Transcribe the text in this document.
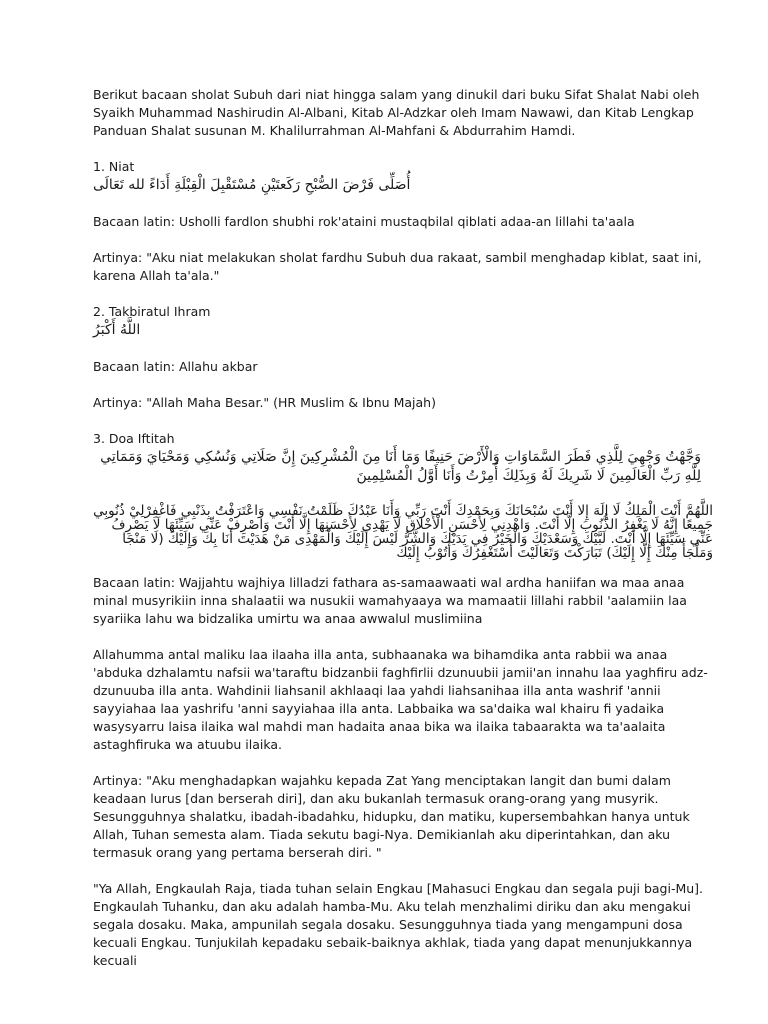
Berikut bacaan sholat Subuh dari niat hingga salam yang dinukil dari buku Sifat Shalat Nabi oleh Syaikh Muhammad Nashirudin Al-Albani, Kitab Al-Adzkar oleh Imam Nawawi, dan Kitab Lengkap Panduan Shalat susunan M. Khalilurrahman Al-Mahfani & Abdurrahim Hamdi.

1. Niat

أُصَلِّى فَرْضَ الصُّبْحِ رَكَعتَيْنِ مُسْتَقْبِلَ الْقِبْلَةِ أَدَاءً لله تَعَالَى

Bacaan latin: Usholli fardlon shubhi rok'ataini mustaqbilal qiblati adaa-an lillahi ta'aala

Artinya: "Aku niat melakukan sholat fardhu Subuh dua rakaat, sambil menghadap kiblat, saat ini, karena Allah ta'ala."

2. Takbiratul Ihram

اللَّهُ أَكْبَرُ

Bacaan latin: Allahu akbar

Artinya: "Allah Maha Besar." (HR Muslim & Ibnu Majah)

3. Doa Iftitah

وَجَّهْتُ وَجْهِيَ لِلَّذِي فَطَرَ السَّمَاوَاتِ وَالْأَرْضَ حَنِيفًا وَمَا أَنَا مِنَ الْمُشْرِكِينَ إِنَّ صَلَاتِي وَنُسُكِي وَمَحْيَايَ وَمَمَاتِي لِلَّهِ رَبِّ الْعَالَمِينَ لَا شَرِيكَ لَهُ وَبِذَلِكَ أُمِرْتُ وَأَنَا أَوَّلُ الْمُسْلِمِينَ
اللَّهُمَّ أَنْتَ الْمَلِكُ لَا إِلَهَ إِلا أَنْتَ سُبْحَانَكَ وَبِحَمْدِكَ أَنْتَ رَبِّي وَأَنَا عَبْدُكَ ظَلَمْتُ نَفْسِي وَاعْتَرَفْتُ بِذَنْبِي فَاغْفِرْلِيْ ذُنُوبِي جَمِيعًا إِنَّهُ لَا يَغْفِرُ الذُّنُوبَ إِلَّا أَنْتَ. وَاهْدِنِي لِأَحْسَنِ الْأَخْلَاقِ لَا يَهْدِي لِأَحْسَنِهَا إِلَّا أَنْتَ وَاصْرِفْ عَنِّي سَيِّئَهَا لَا يَصْرِفُ عَنِّي سَيِّئَهَا إِلَّا أَنْتَ. لَبَّيْكَ وَسَعْدَيْكَ وَالْخَيْرُ فِي يَدَيْكَ وَالشَّرُّ لَيْسَ إِلَيْكَ وَالْمَهْدِى مَنْ هَدَيْتَ أَنَا بِكَ وَإِلَيْكَ (لَا مَنْجَا وَمَلْجَأَ مِنْكَ إِلَّا إِلَيْكَ) تَبَارَكْتَ وَتَعَالَيْتَ أَسْتَغْفِرُكَ وَأَتُوْبُ إِلَيْكَ

Bacaan latin: Wajjahtu wajhiya lilladzi fathara as-samaawaati wal ardha haniifan wa maa anaa minal musyrikiin inna shalaatii wa nusukii wamahyaaya wa mamaatii lillahi rabbil 'aalamiin laa syariika lahu wa bidzalika umirtu wa anaa awwalul muslimiina

Allahumma antal maliku laa ilaaha illa anta, subhaanaka wa bihamdika anta rabbii wa anaa 'abduka dzhalamtu nafsii wa'taraftu bidzanbii faghfirlii dzunuubii jamii'an innahu laa yaghfiru adz-dzunuuba illa anta. Wahdinii liahsanil akhlaaqi laa yahdi liahsanihaa illa anta washrif 'annii sayyiahaa laa yashrifu 'anni sayyiahaa illa anta. Labbaika wa sa'daika wal khairu fi yadaika wasysyarru laisa ilaika wal mahdi man hadaita anaa bika wa ilaika tabaarakta wa ta'aalaita astaghfiruka wa atuubu ilaika.

Artinya: "Aku menghadapkan wajahku kepada Zat Yang menciptakan langit dan bumi dalam keadaan lurus [dan berserah diri], dan aku bukanlah termasuk orang-orang yang musyrik. Sesungguhnya shalatku, ibadah-ibadahku, hidupku, dan matiku, kupersembahkan hanya untuk Allah, Tuhan semesta alam. Tiada sekutu bagi-Nya. Demikianlah aku diperintahkan, dan aku termasuk orang yang pertama berserah diri. "

"Ya Allah, Engkaulah Raja, tiada tuhan selain Engkau [Mahasuci Engkau dan segala puji bagi-Mu]. Engkaulah Tuhanku, dan aku adalah hamba-Mu. Aku telah menzhalimi diriku dan aku mengakui segala dosaku. Maka, ampunilah segala dosaku. Sesungguhnya tiada yang mengampuni dosa kecuali Engkau. Tunjukilah kepadaku sebaik-baiknya akhlak, tiada yang dapat menunjukkannya kecuali
